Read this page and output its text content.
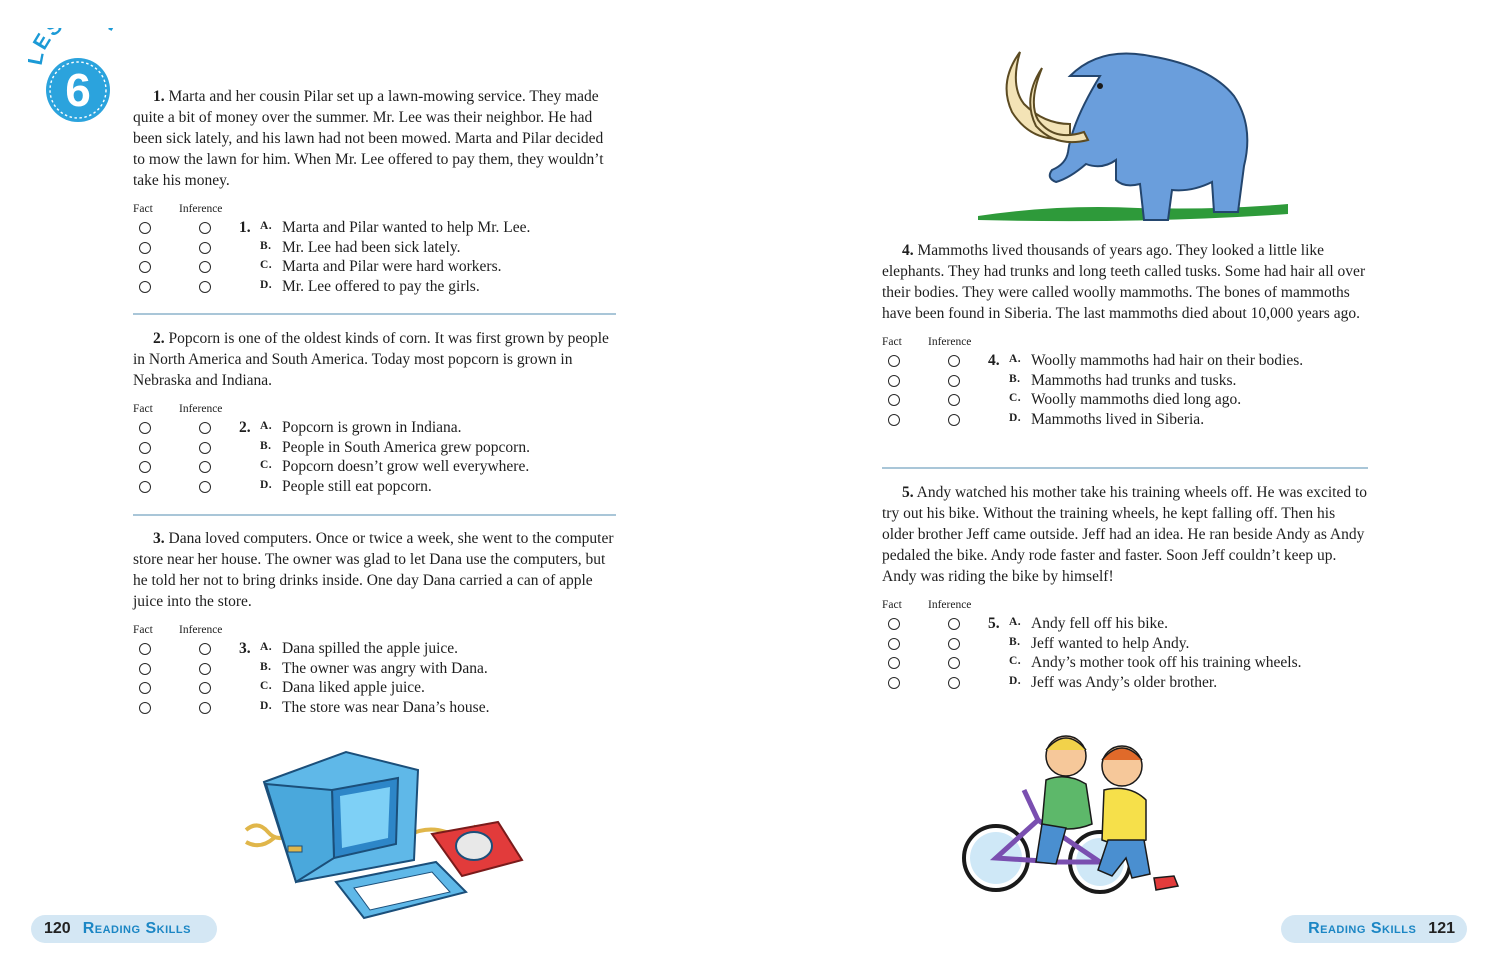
E
6	1. Marta and her cousin Pilar set up a lawn-mowing service. They made quite a bit of money over the summer. Mr. Lee was their neighbor. He had been sick lately, and his lawn had not been mowed. Marta and Pilar decided to mow the lawn for him. When Mr. Lee offered to pay them, they wouldn’t take his money.

Fact Inference
1. A. Marta and Pilar wanted to help Mr. Lee.
B. Mr. Lee had been sick lately.
C. Marta and Pilar were hard workers.
D. Mr. Lee offered to pay the girls.

2. Popcorn is one of the oldest kinds of corn. It was first grown by people in North America and South America. Today most popcorn is grown in Nebraska and Indiana.

Fact Inference
2. A. Popcorn is grown in Indiana.
B. People in South America grew popcorn.
C. Popcorn doesn’t grow well everywhere.
D. People still eat popcorn.

3. Dana loved computers. Once or twice a week, she went to the computer store near her house. The owner was glad to let Dana use the computers, but he told her not to bring drinks inside. One day Dana carried a can of apple juice into the store.

Fact Inference
3. A. Dana spilled the apple juice.
B. The owner was angry with Dana.
C. Dana liked apple juice.
D. The store was near Dana’s house.
120 Reading Skills

4. Mammoths lived thousands of years ago. They looked a little like elephants. They had trunks and long teeth called tusks. Some had hair all over their bodies. They were called woolly mammoths. The bones of mammoths have been found in Siberia. The last mammoths died about 10,000 years ago.

Fact Inference
4. A. Woolly mammoths had hair on their bodies.
B. Mammoths had trunks and tusks.
C. Woolly mammoths died long ago.
D. Mammoths lived in Siberia.

5. Andy watched his mother take his training wheels off. He was excited to try out his bike. Without the training wheels, he kept falling off. Then his older brother Jeff came outside. Jeff had an idea. He ran beside Andy as Andy pedaled the bike. Andy rode faster and faster. Soon Jeff couldn’t keep up. Andy was riding the bike by himself!

Fact Inference
5. A. Andy fell off his bike.
B. Jeff wanted to help Andy.
C. Andy’s mother took off his training wheels.
D. Jeff was Andy’s older brother.
Reading Skills 121
